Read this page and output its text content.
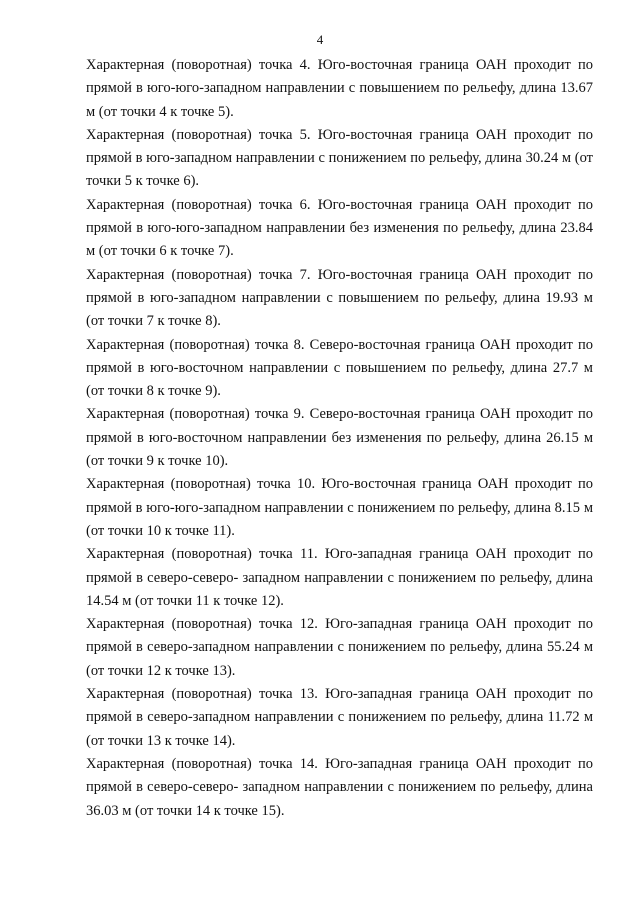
4

Характерная (поворотная) точка 4. Юго-восточная граница ОАН проходит по прямой в юго-юго-западном направлении с повышением по рельефу, длина 13.67 м (от точки 4 к точке 5).

Характерная (поворотная) точка 5. Юго-восточная граница ОАН проходит по прямой в юго-западном направлении с понижением по рельефу, длина 30.24 м (от точки 5 к точке 6).

Характерная (поворотная) точка 6. Юго-восточная граница ОАН проходит по прямой в юго-юго-западном направлении без изменения по рельефу, длина 23.84 м (от точки 6 к точке 7).

Характерная (поворотная) точка 7. Юго-восточная граница ОАН проходит по прямой в юго-западном направлении с повышением по рельефу, длина 19.93 м (от точки 7 к точке 8).

Характерная (поворотная) точка 8. Северо-восточная граница ОАН проходит по прямой в юго-восточном направлении с повышением по рельефу, длина 27.7 м (от точки 8 к точке 9).

Характерная (поворотная) точка 9. Северо-восточная граница ОАН проходит по прямой в юго-восточном направлении без изменения по рельефу, длина 26.15 м (от точки 9 к точке 10).

Характерная (поворотная) точка 10. Юго-восточная граница ОАН проходит по прямой в юго-юго-западном направлении с понижением по рельефу, длина 8.15 м (от точки 10 к точке 11).

Характерная (поворотная) точка 11. Юго-западная граница ОАН проходит по прямой в северо-северо- западном направлении с понижением по рельефу, длина 14.54 м (от точки 11 к точке 12).

Характерная (поворотная) точка 12. Юго-западная граница ОАН проходит по прямой в северо-западном направлении с понижением по рельефу, длина 55.24 м (от точки 12 к точке 13).

Характерная (поворотная) точка 13. Юго-западная граница ОАН проходит по прямой в северо-западном направлении с понижением по рельефу, длина 11.72 м (от точки 13 к точке 14).

Характерная (поворотная) точка 14. Юго-западная граница ОАН проходит по прямой в северо-северо- западном направлении с понижением по рельефу, длина 36.03 м (от точки 14 к точке 15).
